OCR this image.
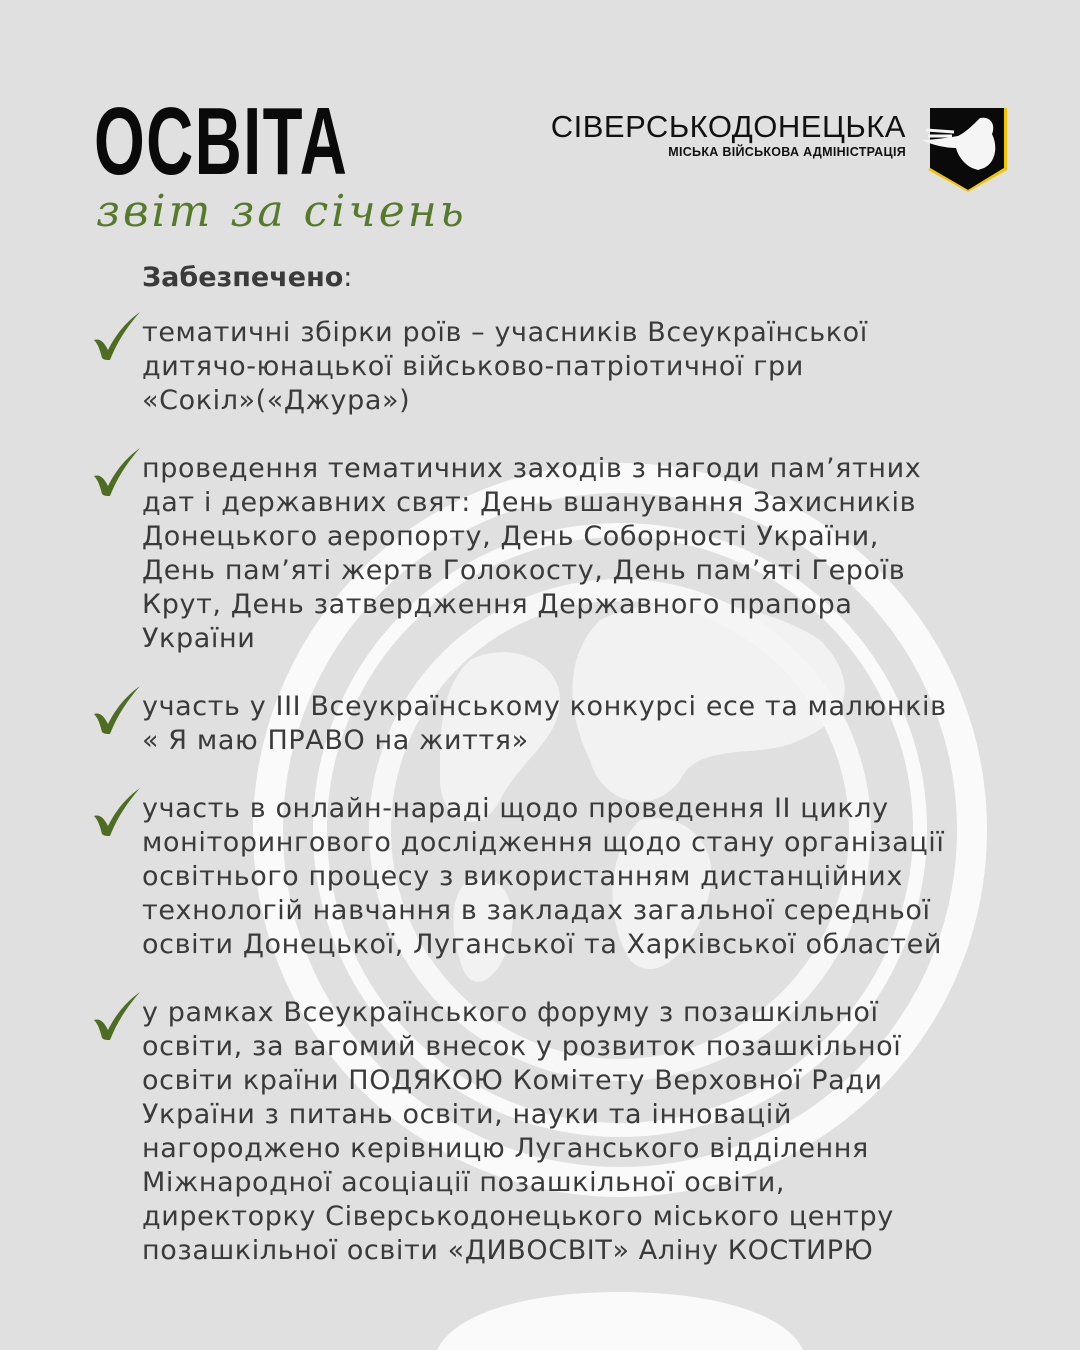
ОСВІТА
звіт за січень
СІВЕРСЬКОДОНЕЦЬКА
МІСЬКА ВІЙСЬКОВА АДМІНІСТРАЦІЯ
Забезпечено:
тематичні збірки роїв – учасників Всеукраїнської
дитячо-юнацької військово-патріотичної гри
«Сокіл»(«Джура»)
проведення тематичних заходів з нагоди пам’ятних
дат і державних свят: День вшанування Захисників
Донецького аеропорту, День Соборності України,
День пам’яті жертв Голокосту, День пам’яті Героїв
Крут, День затвердження Державного прапора
України
участь у ІІІ Всеукраїнському конкурсі есе та малюнків
« Я маю ПРАВО на життя»
участь в онлайн-нараді щодо проведення ІІ циклу
моніторингового дослідження щодо стану організації
освітнього процесу з використанням дистанційних
технологій навчання в закладах загальної середньої
освіти Донецької, Луганської та Харківської областей
у рамках Всеукраїнського форуму з позашкільної
освіти, за вагомий внесок у розвиток позашкільної
освіти країни ПОДЯКОЮ Комітету Верховної Ради
України з питань освіти, науки та інновацій
нагороджено керівницю Луганського відділення
Міжнародної асоціації позашкільної освіти,
директорку Сіверськодонецького міського центру
позашкільної освіти «ДИВОСВІТ» Аліну КОСТИРЮ
